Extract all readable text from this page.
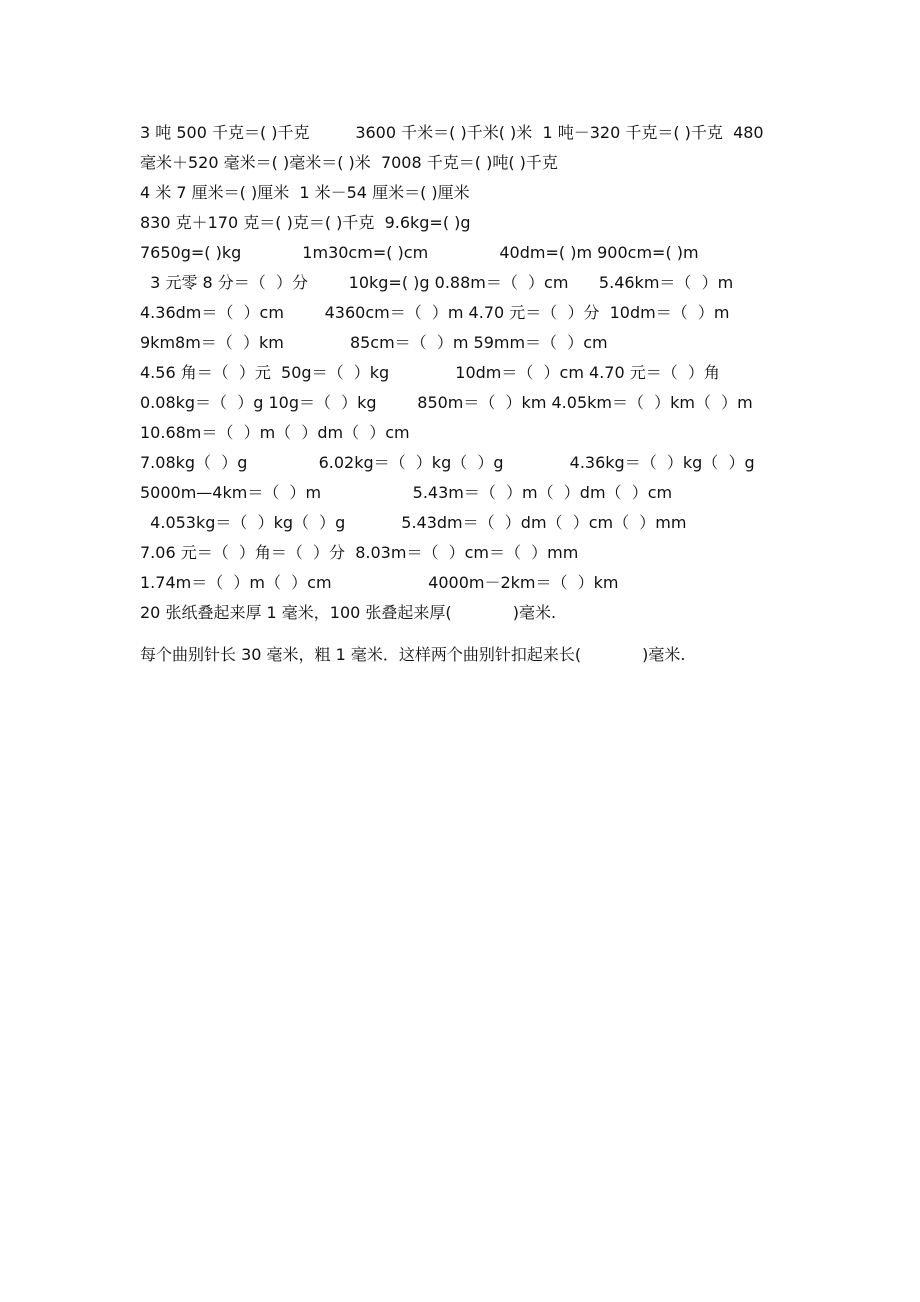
3 吨 500 千克＝( )千克         3600 千米＝( )千米( )米  1 吨－320 千克＝( )千克  480
毫米＋520 毫米＝( )毫米＝( )米  7008 千克＝( )吨( )千克
4 米 7 厘米＝( )厘米  1 米－54 厘米＝( )厘米
830 克＋170 克＝( )克＝( )千克  9.6kg=( )g
7650g=( )kg            1m30cm=( )cm              40dm=( )m 900cm=( )m
3 元零 8 分＝（  ）分        10kg=( )g 0.88m＝（  ）cm      5.46km＝（  ）m
4.36dm＝（  ）cm        4360cm＝（  ）m 4.70 元＝（  ）分  10dm＝（  ）m
9km8m＝（  ）km             85cm＝（  ）m 59mm＝（  ）cm
4.56 角＝（  ）元  50g＝（  ）kg             10dm＝（  ）cm 4.70 元＝（  ）角
0.08kg＝（  ）g 10g＝（  ）kg        850m＝（  ）km 4.05km＝（  ）km（  ）m
10.68m＝（  ）m（  ）dm（  ）cm
7.08kg（  ）g              6.02kg＝（  ）kg（  ）g             4.36kg＝（  ）kg（  ）g
5000m—4km＝（  ）m                  5.43m＝（  ）m（  ）dm（  ）cm
4.053kg＝（  ）kg（  ）g           5.43dm＝（  ）dm（  ）cm（  ）mm
7.06 元＝（  ）角＝（  ）分  8.03m＝（  ）cm＝（  ）mm
1.74m＝（  ）m（  ）cm                   4000m－2km＝（  ）km
20 张纸叠起来厚 1 毫米，100 张叠起来厚(            )毫米.
每个曲别针长 30 毫米，粗 1 毫米．这样两个曲别针扣起来长(            )毫米.
